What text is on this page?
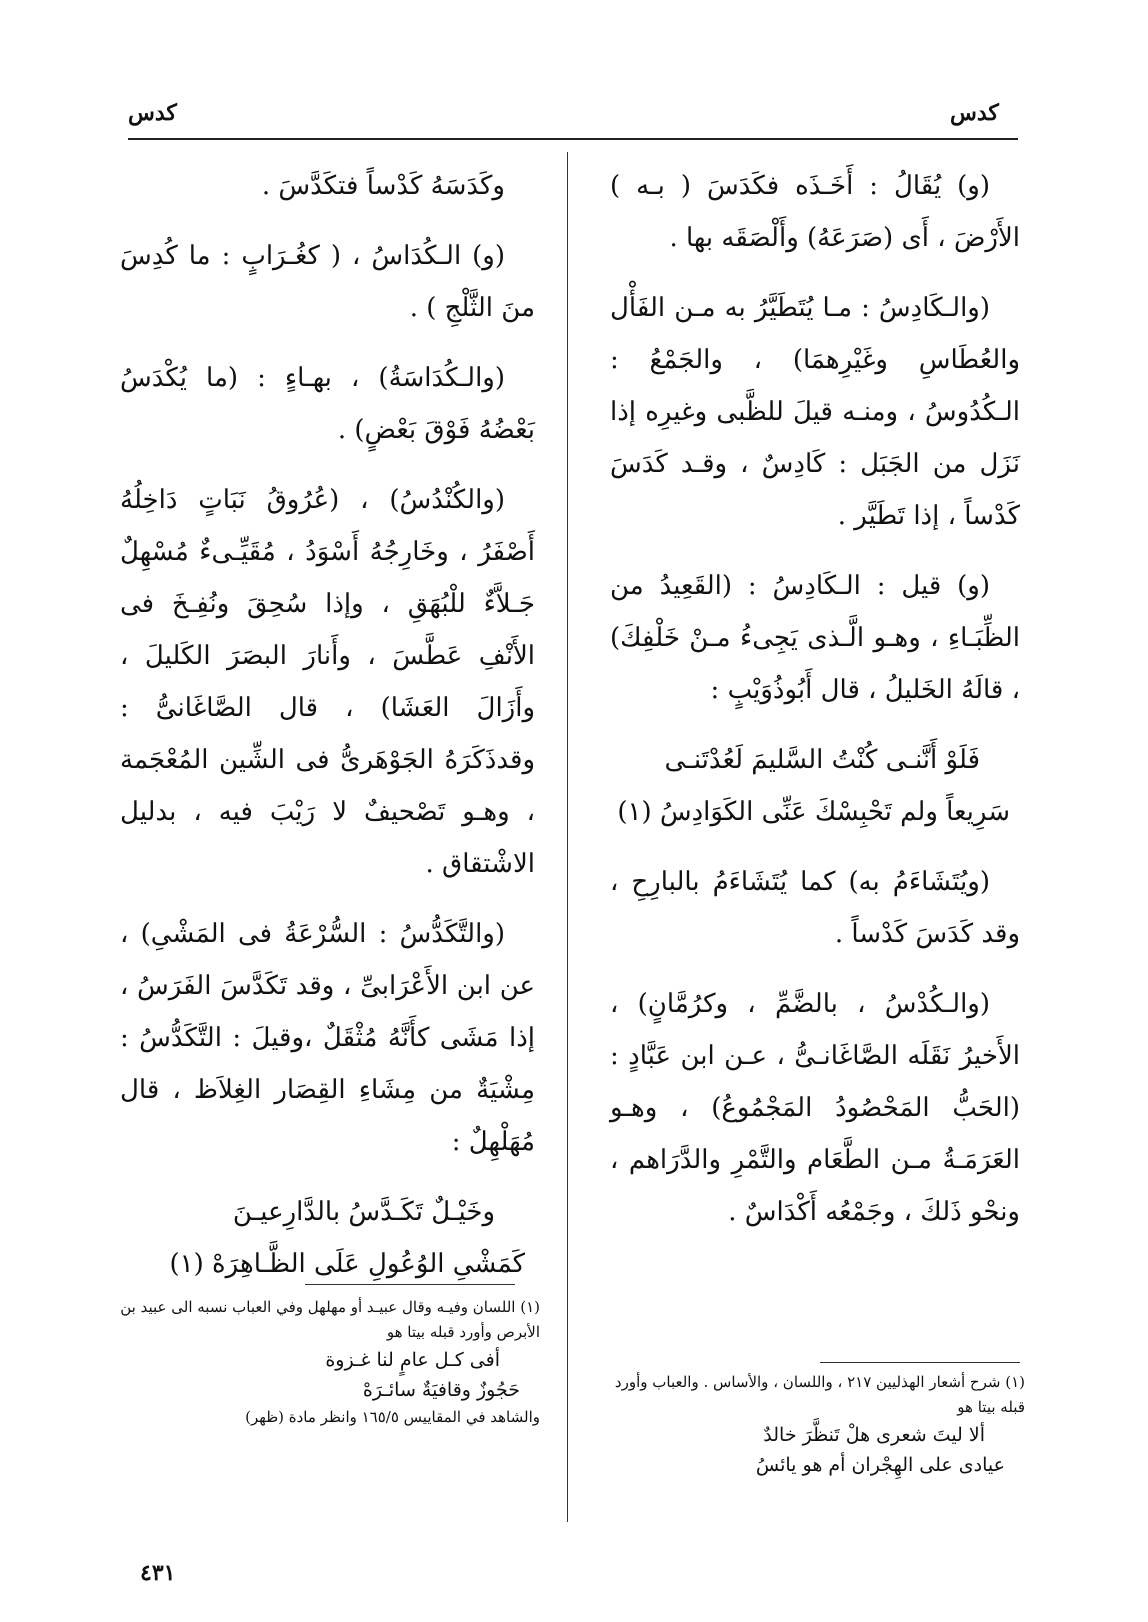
كدس	كدس

(و) يُقَالُ : أَخَـذَه فكَدَسَ ( بـه ) الأَرْضَ ، أَى (صَرَعَهُ) وأَلْصَقَه بها .

(والـكَادِسُ : مـا يُتَطَيَّرُ به مـن الفَأْل والعُطَاسِ وغَيْرِهمَا) ، والجَمْعُ : الـكُدُوسُ ، ومنـه قيلَ للظَّبى وغيرِه إذا نَزَل من الجَبَل : كَادِسٌ ، وقـد كَدَسَ كَدْساً ، إذا تَطَيَّر .

(و) قيل : الـكَادِسُ : (القَعِيدُ من الظِّبَـاءِ ، وهـو الَّـذى يَجِىءُ مـنْ خَلْفِكَ) ، قالَهُ الخَليلُ ، قال أَبُوذُوَيْبٍ :

فَلَوْ أَنَّنـى كُنْتُ السَّليمَ لَعُدْتَنـى
سَرِيعاً ولم تَحْبِسْكَ عَنِّى الكَوَادِسُ (١)

(ويُتَشَاءَمُ به) كما يُتَشَاءَمُ بالبارِحِ ، وقد كَدَسَ كَدْساً .

(والـكُدْسُ ، بالضَّمِّ ، وكرُمَّانٍ) ، الأَخيرُ نَقَلَه الصَّاغَانـىُّ ، عـن ابن عَبَّادٍ : (الحَبُّ المَحْصُودُ المَجْمُوعُ) ، وهـو العَرَمَـةُ مـن الطَّعَام والتَّمْرِ والدَّرَاهم ، ونحْو ذَلكَ ، وجَمْعُه أَكْدَاسٌ .

وكَدَسَهُ كَدْساً فتكَدَّسَ .

(و) الـكُدَاسُ ، ( كغُـرَابٍ : ما كُدِسَ منَ الثَّلْجِ ) .

(والـكُدَاسَةُ) ، بهـاءٍ : (ما يُكْدَسُ بَعْضُهُ فَوْقَ بَعْضٍ) .

(والكُنْدُسُ) ، (عُرُوقُ نَبَاتٍ دَاخِلُهُ أَصْفَرُ ، وخَارِجُهُ أَسْوَدُ ، مُقَيِّـىءٌ مُسْهِلٌ جَـلاَّءٌ للْبُهَقِ ، وإذا سُحِقَ ونُفِـخَ فى الأَنْفِ عَطَّسَ ، وأَنارَ البصَرَ الكَليلَ ، وأَزَالَ العَشَا) ، قال الصَّاغَانىُّ : وقدذَكَرَهُ الجَوْهَرىُّ فى الشِّين المُعْجَمة ، وهـو تَصْحيفٌ لا رَيْبَ فيه ، بدليل الاشْتقاق .

(والتَّكَدُّسُ : السُّرْعَةُ فى المَشْىِ) ، عن ابن الأَعْرَابىِّ ، وقد تَكَدَّسَ الفَرَسُ ، إذا مَشَى كأَنَّهُ مُثْقَلٌ ،وقيلَ : التَّكَدُّسُ : مِشْيَةٌ من مِشَاءِ القِصَار الغِلاَظ ، قال مُهَلْهِلٌ :

وخَيْـلٌ تَكَـدَّسُ بالدَّارِعيـنَ
كَمَشْىِ الوُعُولِ عَلَى الظَّـاهِرَهْ (١)
(١) شرح أشعار الهذليين ٢١٧ ، واللسان ، والأساس . والعباب وأورد قبله بيتا هو
ألا ليتَ شعرى هلْ تَنظَّرَ خالدٌ
عيادى على الهِجْران أم هو يائسُ
(١) اللسان وفيـه وقال عبيـد أو مهلهل وفي العباب نسبه الى عبيد بن الأبرص وأورد قبله بيتا هو
أفى كـل عامٍ لنا غـزوة
حَجُوزٌ وقافيَةٌ سائـرَهْ
والشاهد في المقاييس ١٦٥/٥ وانظر مادة (ظهر)
٤٣١
